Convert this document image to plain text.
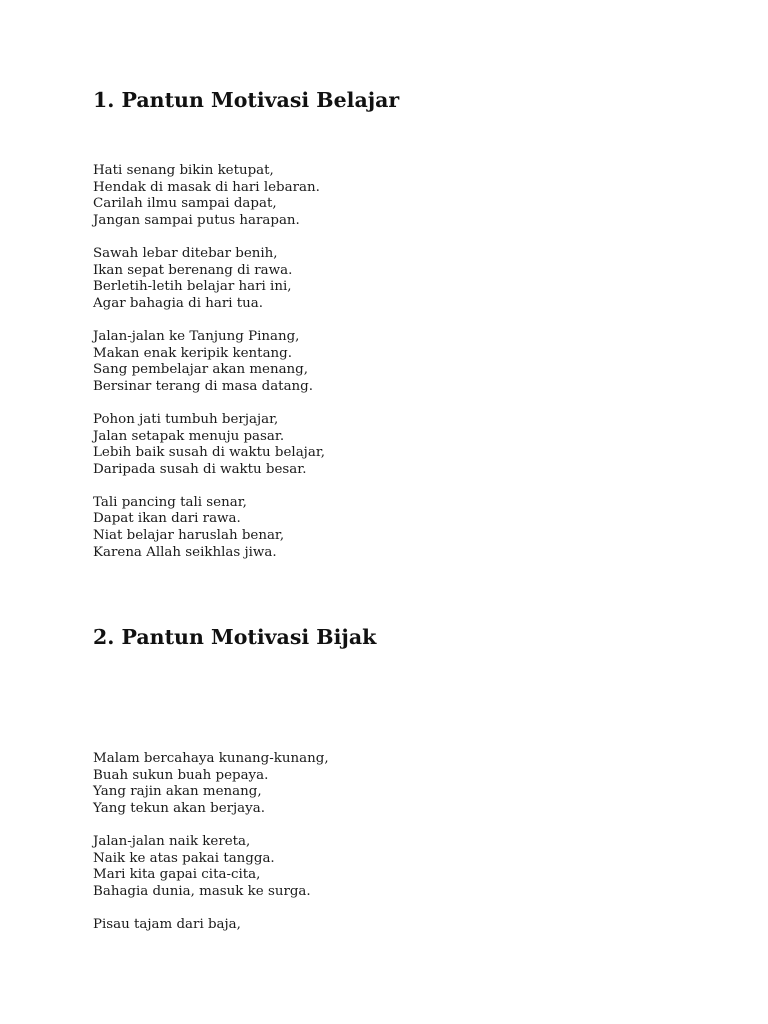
1. Pantun Motivasi Belajar

Hati senang bikin ketupat,
Hendak di masak di hari lebaran.
Carilah ilmu sampai dapat,
Jangan sampai putus harapan.

Sawah lebar ditebar benih,
Ikan sepat berenang di rawa.
Berletih-letih belajar hari ini,
Agar bahagia di hari tua.

Jalan-jalan ke Tanjung Pinang,
Makan enak keripik kentang.
Sang pembelajar akan menang,
Bersinar terang di masa datang.

Pohon jati tumbuh berjajar,
Jalan setapak menuju pasar.
Lebih baik susah di waktu belajar,
Daripada susah di waktu besar.

Tali pancing tali senar,
Dapat ikan dari rawa.
Niat belajar haruslah benar,
Karena Allah seikhlas jiwa.

2. Pantun Motivasi Bijak

Malam bercahaya kunang-kunang,
Buah sukun buah pepaya.
Yang rajin akan menang,
Yang tekun akan berjaya.

Jalan-jalan naik kereta,
Naik ke atas pakai tangga.
Mari kita gapai cita-cita,
Bahagia dunia, masuk ke surga.

Pisau tajam dari baja,
